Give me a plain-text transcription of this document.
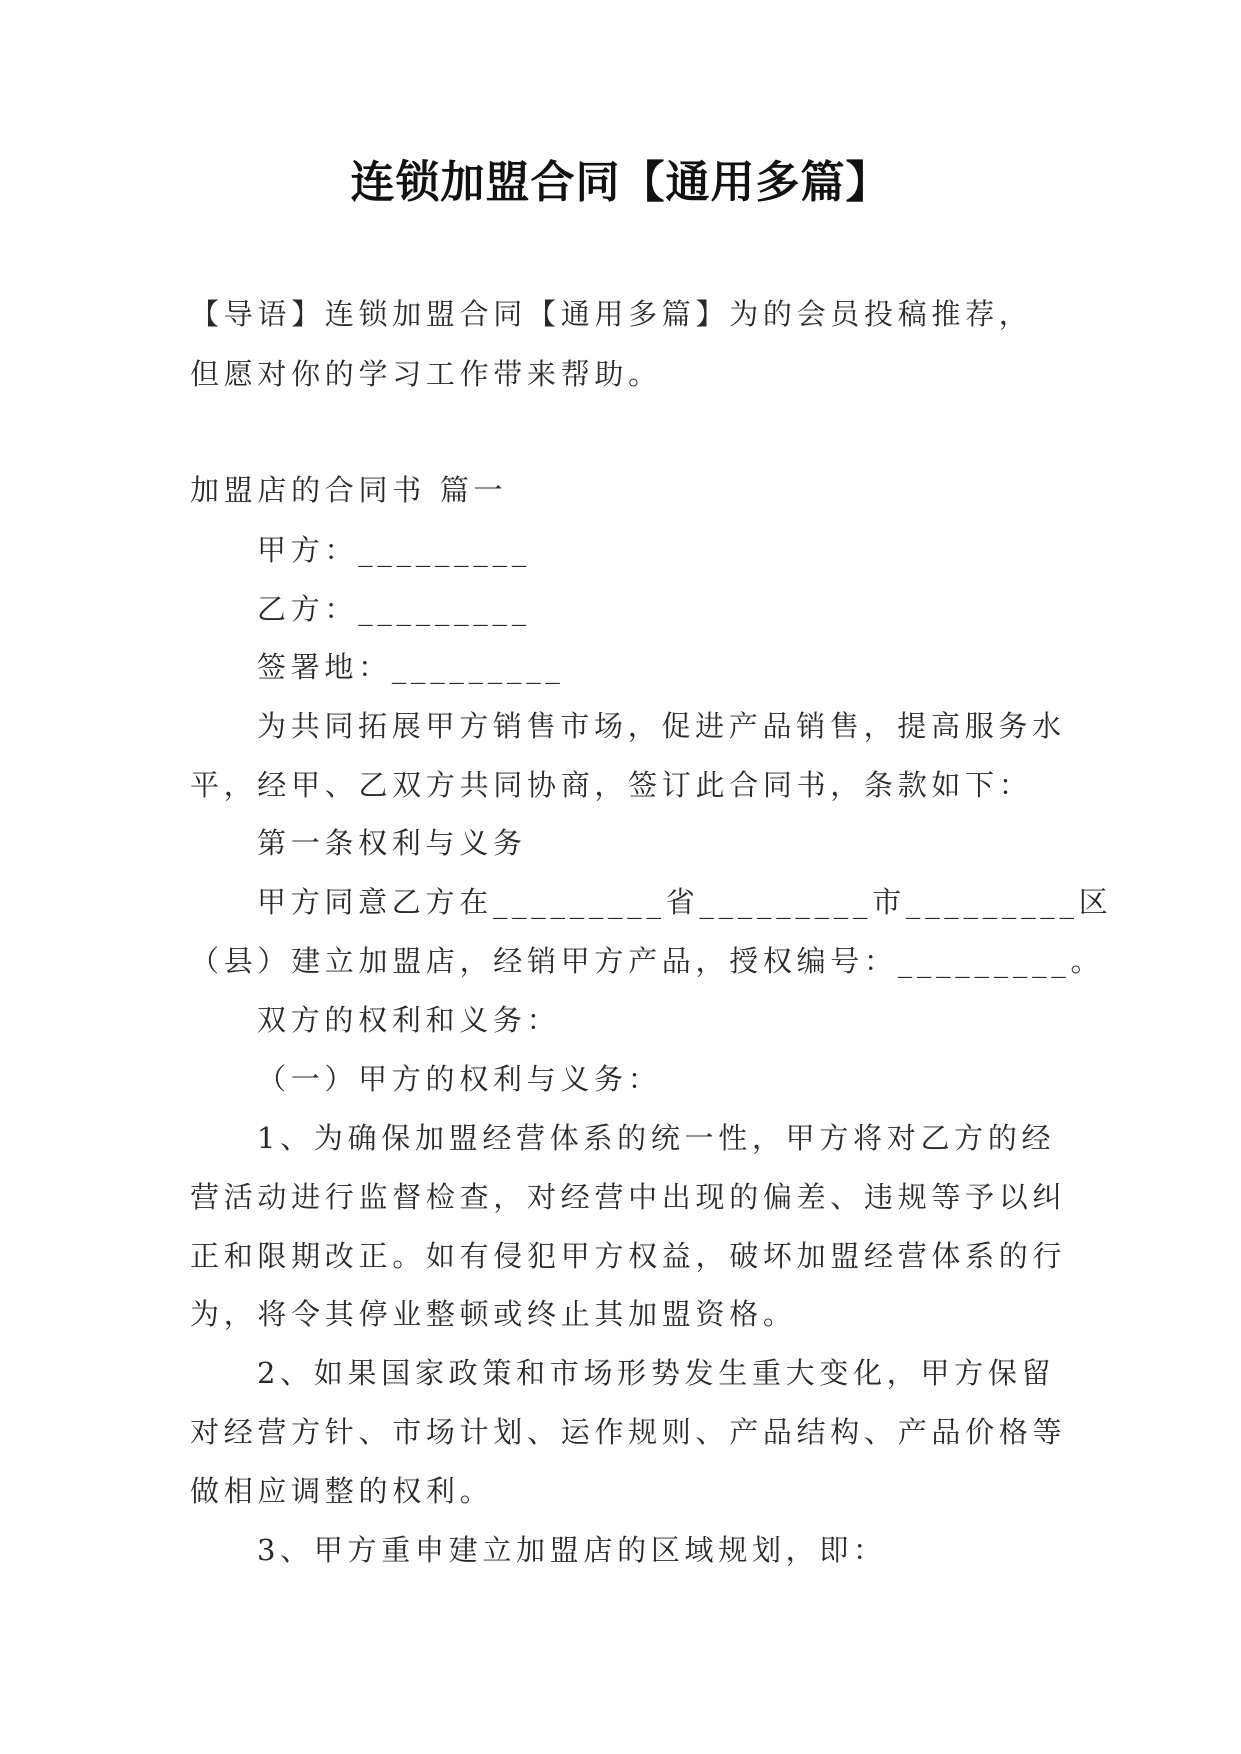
连锁加盟合同【通用多篇】
【导语】连锁加盟合同【通用多篇】为的会员投稿推荐，
但愿对你的学习工作带来帮助。
加盟店的合同书 篇一
甲方：_________
乙方：_________
签署地：_________
为共同拓展甲方销售市场，促进产品销售，提高服务水
平，经甲、乙双方共同协商，签订此合同书，条款如下：
第一条权利与义务
甲方同意乙方在_________省_________市_________区
（县）建立加盟店，经销甲方产品，授权编号：_________。
双方的权利和义务：
（一）甲方的权利与义务：
1、为确保加盟经营体系的统一性，甲方将对乙方的经
营活动进行监督检查，对经营中出现的偏差、违规等予以纠
正和限期改正。如有侵犯甲方权益，破坏加盟经营体系的行
为，将令其停业整顿或终止其加盟资格。
2、如果国家政策和市场形势发生重大变化，甲方保留
对经营方针、市场计划、运作规则、产品结构、产品价格等
做相应调整的权利。
3、甲方重申建立加盟店的区域规划，即：
